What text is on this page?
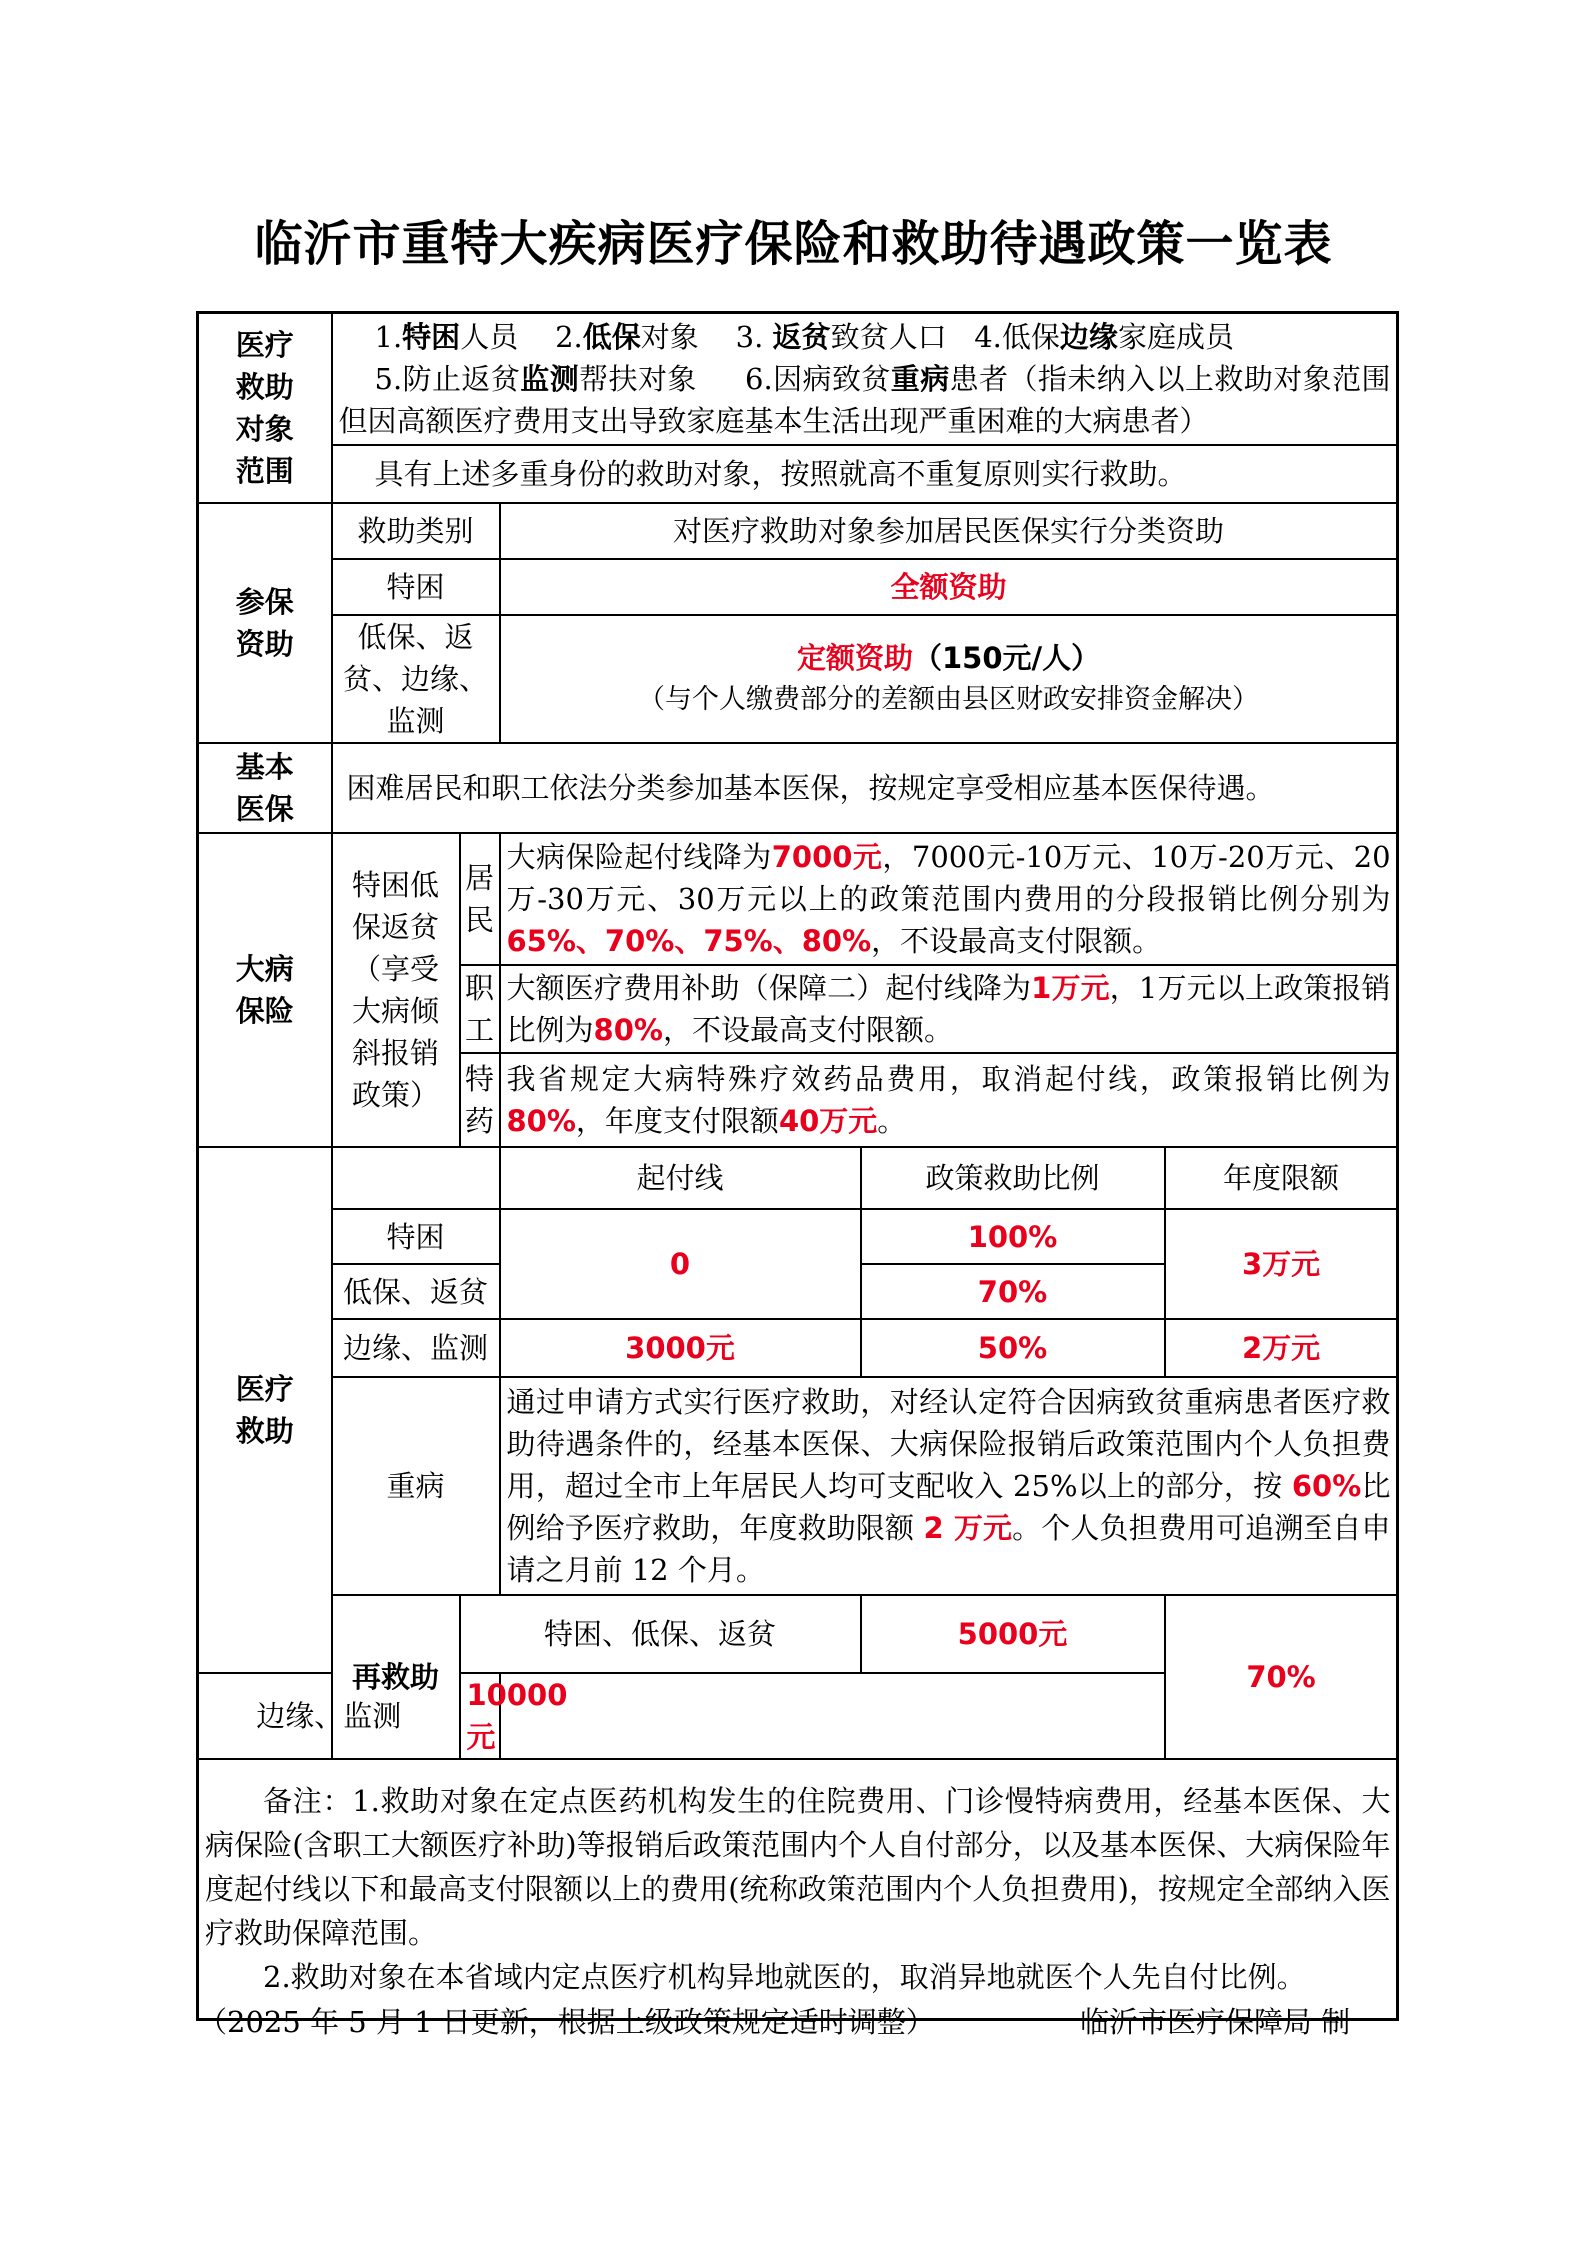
临沂市重特大疾病医疗保险和救助待遇政策一览表
医疗救助对象范围	1.特困人员 2.低保对象 3. 返贫致贫人口 4.低保边缘家庭成员
5.防止返贫监测帮扶对象 6.因病致贫重病患者（指未纳入以上救助对象范围但因高额医疗费用支出导致家庭基本生活出现严重困难的大病患者）					

	具有上述多重身份的救助对象，按照就高不重复原则实行救助。					
参保资助	救助类别		对医疗救助对象参加居民医保实行分类资助			
	特困		全额资助			
	低保、返贫、边缘、监测		定额资助（150元/人）
（与个人缴费部分的差额由县区财政安排资金解决）			

基本医保	困难居民和职工依法分类参加基本医保，按规定享受相应基本医保待遇。					
大病保险	特困低保返贫（享受大病倾斜报销政策）	居民	大病保险起付线降为7000元，7000元-10万元、10万-20万元、20万-30万元、30万元以上的政策范围内费用的分段报销比例分别为65%、70%、75%、80%，不设最高支付限额。			
		职工	大额医疗费用补助（保障二）起付线降为1万元，1万元以上政策报销比例为80%，不设最高支付限额。			
		特药	我省规定大病特殊疗效药品费用，取消起付线，政策报销比例为80%，年度支付限额40万元。			
医疗救助			起付线	政策救助比例	年度限额	
	特困		0	100%	3万元	
	低保、返贫			70%		
	边缘、监测		3000元	50%	2万元	
	重病		通过申请方式实行医疗救助，对经认定符合因病致贫重病患者医疗救助待遇条件的，经基本医保、大病保险报销后政策范围内个人负担费用，超过全市上年居民人均可支配收入 25%以上的部分，按 60%比例给予医疗救助，年度救助限额 2 万元。个人负担费用可追溯至自申请之月前 12 个月。			
	再救助	特困、低保、返贫		5000元	70%	
边缘、监测		10000元				

备注：1.救助对象在定点医药机构发生的住院费用、门诊慢特病费用，经基本医保、大病保险(含职工大额医疗补助)等报销后政策范围内个人自付部分，以及基本医保、大病保险年度起付线以下和最高支付限额以上的费用(统称政策范围内个人负担费用)，按规定全部纳入医疗救助保障范围。

2.救助对象在本省域内定点医疗机构异地就医的，取消异地就医个人先自付比例。						

（2025 年 5 月 1 日更新，根据上级政策规定适时调整）	临沂市医疗保障局 制
